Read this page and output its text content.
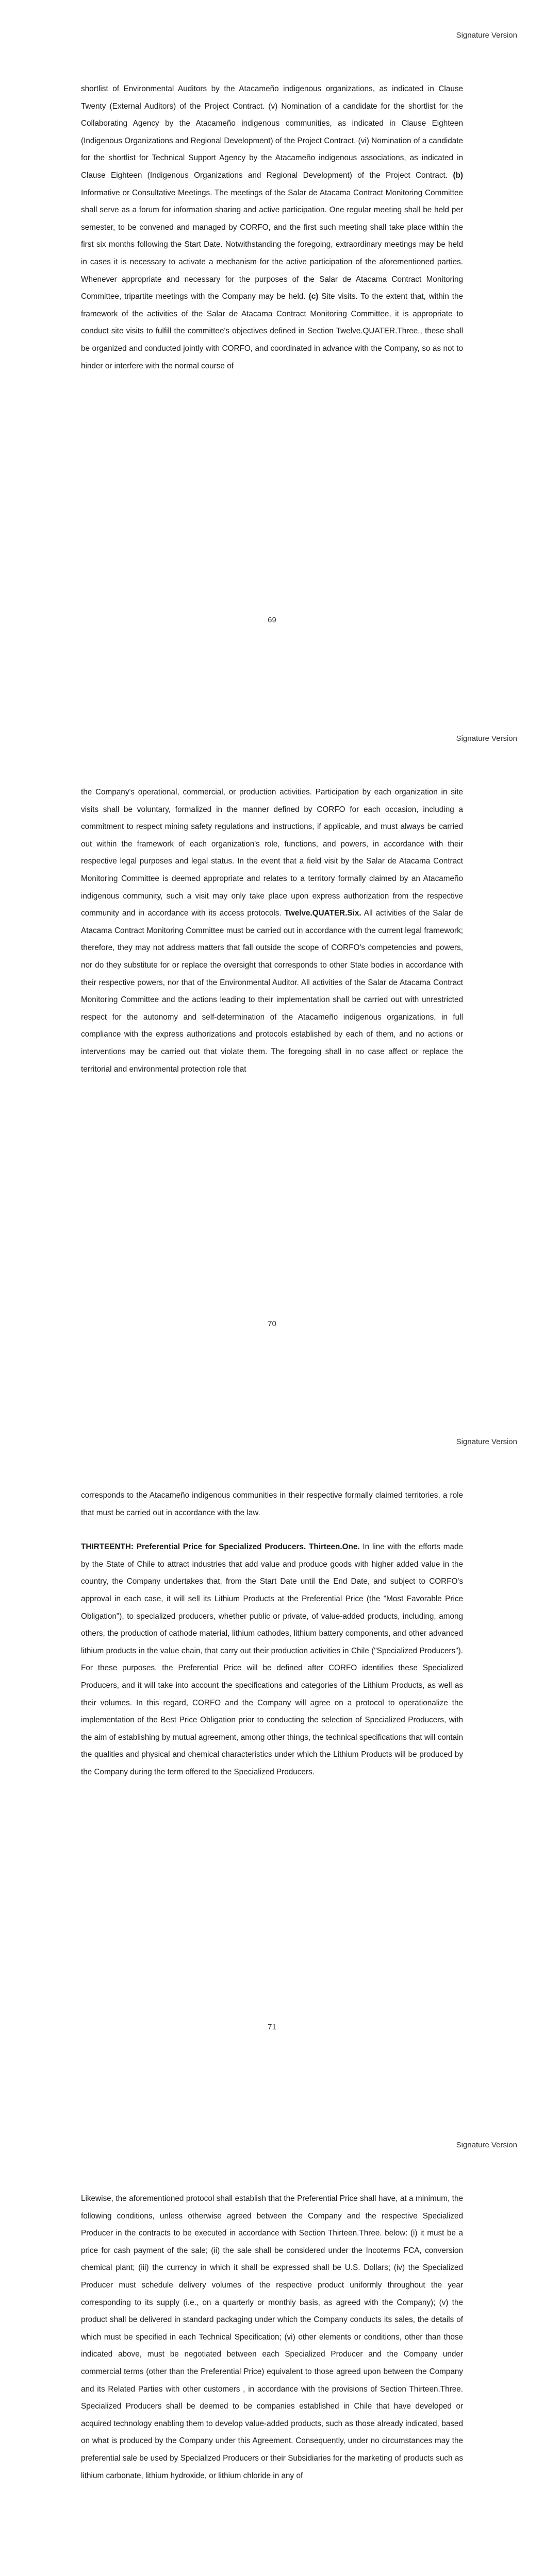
Signature Version

shortlist of Environmental Auditors by the Atacameño indigenous organizations, as indicated in Clause Twenty (External Auditors) of the Project Contract. (v) Nomination of a candidate for the shortlist for the Collaborating Agency by the Atacameño indigenous communities, as indicated in Clause Eighteen (Indigenous Organizations and Regional Development) of the Project Contract. (vi) Nomination of a candidate for the shortlist for Technical Support Agency by the Atacameño indigenous associations, as indicated in Clause Eighteen (Indigenous Organizations and Regional Development) of the Project Contract. (b) Informative or Consultative Meetings. The meetings of the Salar de Atacama Contract Monitoring Committee shall serve as a forum for information sharing and active participation. One regular meeting shall be held per semester, to be convened and managed by CORFO, and the first such meeting shall take place within the first six months following the Start Date. Notwithstanding the foregoing, extraordinary meetings may be held in cases it is necessary to activate a mechanism for the active participation of the aforementioned parties. Whenever appropriate and necessary for the purposes of the Salar de Atacama Contract Monitoring Committee, tripartite meetings with the Company may be held. (c) Site visits. To the extent that, within the framework of the activities of the Salar de Atacama Contract Monitoring Committee, it is appropriate to conduct site visits to fulfill the committee's objectives defined in Section Twelve.QUATER.Three., these shall be organized and conducted jointly with CORFO, and coordinated in advance with the Company, so as not to hinder or interfere with the normal course of

69
Signature Version

the Company's operational, commercial, or production activities. Participation by each organization in site visits shall be voluntary, formalized in the manner defined by CORFO for each occasion, including a commitment to respect mining safety regulations and instructions, if applicable, and must always be carried out within the framework of each organization's role, functions, and powers, in accordance with their respective legal purposes and legal status. In the event that a field visit by the Salar de Atacama Contract Monitoring Committee is deemed appropriate and relates to a territory formally claimed by an Atacameño indigenous community, such a visit may only take place upon express authorization from the respective community and in accordance with its access protocols. Twelve.QUATER.Six. All activities of the Salar de Atacama Contract Monitoring Committee must be carried out in accordance with the current legal framework; therefore, they may not address matters that fall outside the scope of CORFO's competencies and powers, nor do they substitute for or replace the oversight that corresponds to other State bodies in accordance with their respective powers, nor that of the Environmental Auditor. All activities of the Salar de Atacama Contract Monitoring Committee and the actions leading to their implementation shall be carried out with unrestricted respect for the autonomy and self-determination of the Atacameño indigenous organizations, in full compliance with the express authorizations and protocols established by each of them, and no actions or interventions may be carried out that violate them. The foregoing shall in no case affect or replace the territorial and environmental protection role that

70
Signature Version

corresponds to the Atacameño indigenous communities in their respective formally claimed territories, a role that must be carried out in accordance with the law.
THIRTEENTH: Preferential Price for Specialized Producers. Thirteen.One. In line with the efforts made by the State of Chile to attract industries that add value and produce goods with higher added value in the country, the Company undertakes that, from the Start Date until the End Date, and subject to CORFO's approval in each case, it will sell its Lithium Products at the Preferential Price (the "Most Favorable Price Obligation"), to specialized producers, whether public or private, of value-added products, including, among others, the production of cathode material, lithium cathodes, lithium battery components, and other advanced lithium products in the value chain, that carry out their production activities in Chile ("Specialized Producers"). For these purposes, the Preferential Price will be defined after CORFO identifies these Specialized Producers, and it will take into account the specifications and categories of the Lithium Products, as well as their volumes. In this regard, CORFO and the Company will agree on a protocol to operationalize the implementation of the Best Price Obligation prior to conducting the selection of Specialized Producers, with the aim of establishing by mutual agreement, among other things, the technical specifications that will contain the qualities and physical and chemical characteristics under which the Lithium Products will be produced by the Company during the term offered to the Specialized Producers.

71
Signature Version

Likewise, the aforementioned protocol shall establish that the Preferential Price shall have, at a minimum, the following conditions, unless otherwise agreed between the Company and the respective Specialized Producer in the contracts to be executed in accordance with Section Thirteen.Three. below: (i) it must be a price for cash payment of the sale; (ii) the sale shall be considered under the Incoterms FCA, conversion chemical plant; (iii) the currency in which it shall be expressed shall be U.S. Dollars; (iv) the Specialized Producer must schedule delivery volumes of the respective product uniformly throughout the year corresponding to its supply (i.e., on a quarterly or monthly basis, as agreed with the Company); (v) the product shall be delivered in standard packaging under which the Company conducts its sales, the details of which must be specified in each Technical Specification; (vi) other elements or conditions, other than those indicated above, must be negotiated between each Specialized Producer and the Company under commercial terms (other than the Preferential Price) equivalent to those agreed upon between the Company and its Related Parties with other customers , in accordance with the provisions of Section Thirteen.Three. Specialized Producers shall be deemed to be companies established in Chile that have developed or acquired technology enabling them to develop value-added products, such as those already indicated, based on what is produced by the Company under this Agreement. Consequently, under no circumstances may the preferential sale be used by Specialized Producers or their Subsidiaries for the marketing of products such as lithium carbonate, lithium hydroxide, or lithium chloride in any of
